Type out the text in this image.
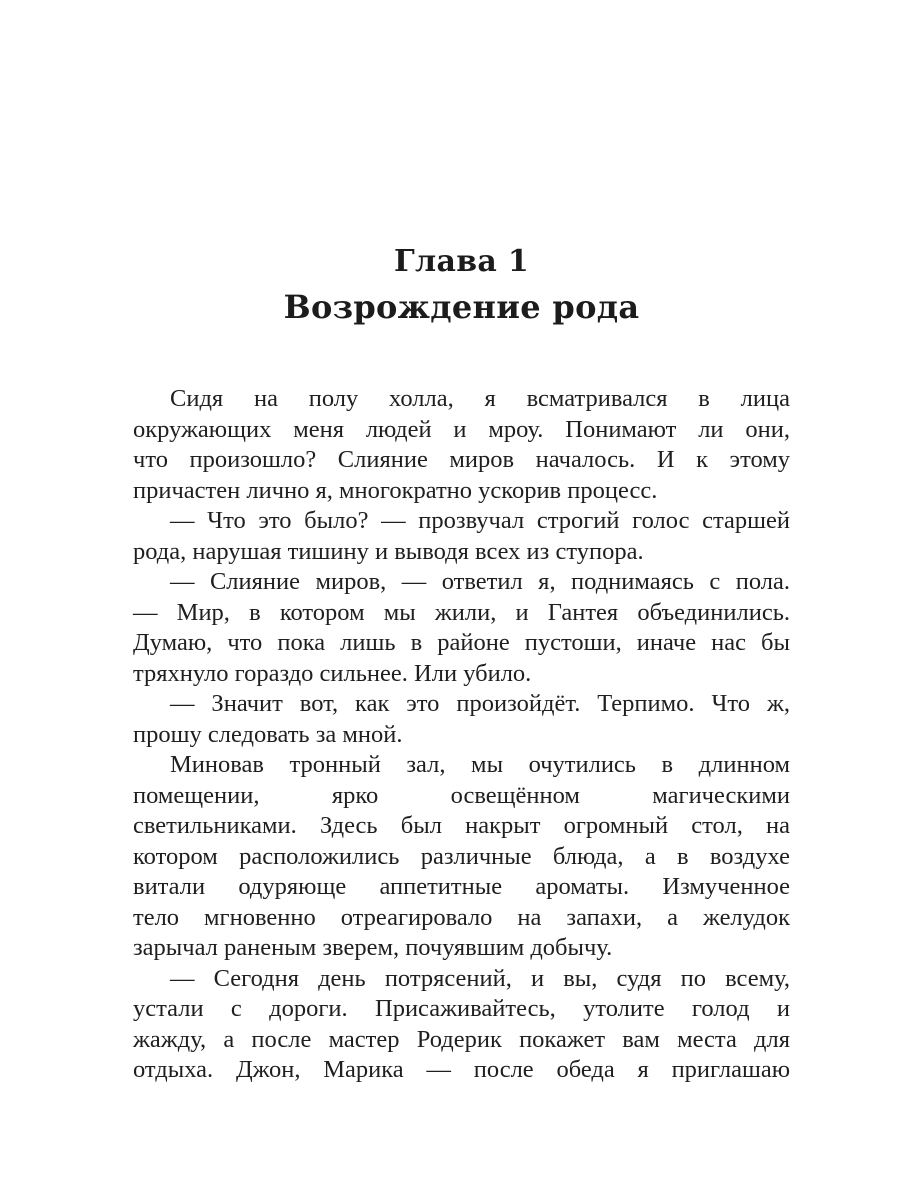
Глава 1
Возрождение рода
Сидя на полу холла, я всматривался в лица
окружающих меня людей и мроу. Понимают ли они,
что произошло? Слияние миров началось. И к этому
причастен лично я, многократно ускорив процесс.
— Что это было? — прозвучал строгий голос старшей
рода, нарушая тишину и выводя всех из ступора.
— Слияние миров, — ответил я, поднимаясь с пола.
— Мир, в котором мы жили, и Гантея объединились.
Думаю, что пока лишь в районе пустоши, иначе нас бы
тряхнуло гораздо сильнее. Или убило.
— Значит вот, как это произойдёт. Терпимо. Что ж,
прошу следовать за мной.
Миновав тронный зал, мы очутились в длинном
помещении, ярко освещённом магическими
светильниками. Здесь был накрыт огромный стол, на
котором расположились различные блюда, а в воздухе
витали одуряюще аппетитные ароматы. Измученное
тело мгновенно отреагировало на запахи, а желудок
зарычал раненым зверем, почуявшим добычу.
— Сегодня день потрясений, и вы, судя по всему,
устали с дороги. Присаживайтесь, утолите голод и
жажду, а после мастер Родерик покажет вам места для
отдыха. Джон, Марика — после обеда я приглашаю
